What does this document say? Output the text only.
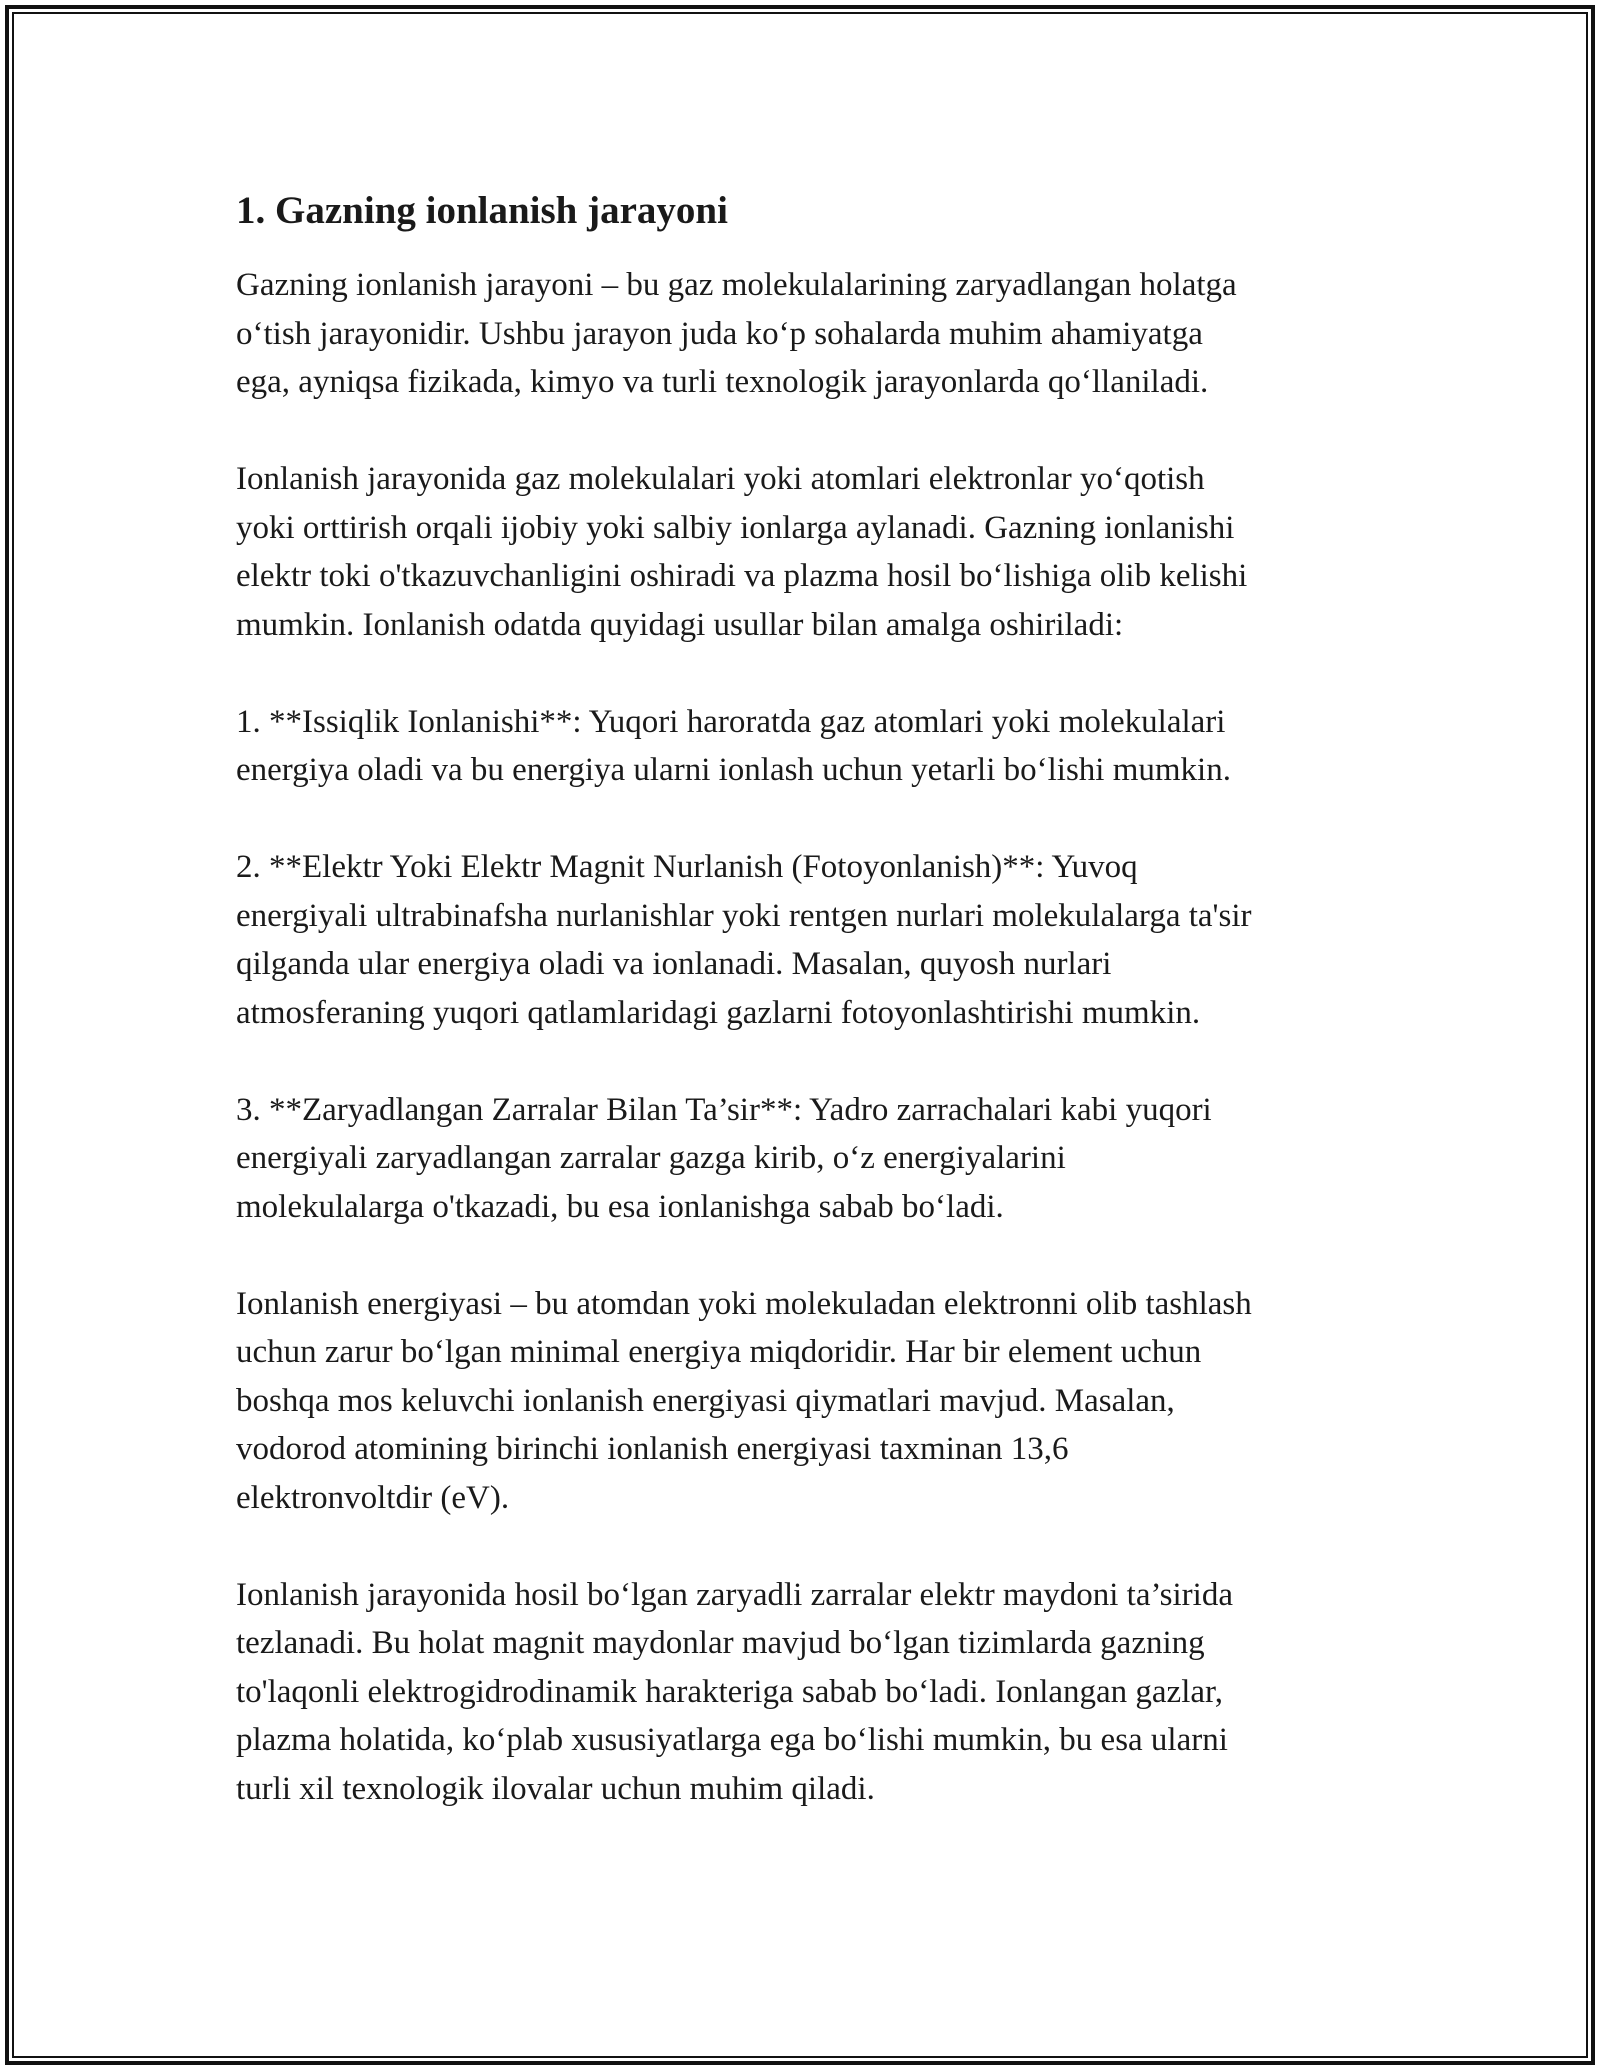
1. Gazning ionlanish jarayoni

Gazning ionlanish jarayoni – bu gaz molekulalarining zaryadlangan holatga
o‘tish jarayonidir. Ushbu jarayon juda ko‘p sohalarda muhim ahamiyatga
ega, ayniqsa fizikada, kimyo va turli texnologik jarayonlarda qo‘llaniladi.

Ionlanish jarayonida gaz molekulalari yoki atomlari elektronlar yo‘qotish
yoki orttirish orqali ijobiy yoki salbiy ionlarga aylanadi. Gazning ionlanishi
elektr toki o'tkazuvchanligini oshiradi va plazma hosil bo‘lishiga olib kelishi
mumkin. Ionlanish odatda quyidagi usullar bilan amalga oshiriladi:

1. **Issiqlik Ionlanishi**: Yuqori haroratda gaz atomlari yoki molekulalari
energiya oladi va bu energiya ularni ionlash uchun yetarli bo‘lishi mumkin.

2. **Elektr Yoki Elektr Magnit Nurlanish (Fotoyonlanish)**: Yuvoq
energiyali ultrabinafsha nurlanishlar yoki rentgen nurlari molekulalarga ta'sir
qilganda ular energiya oladi va ionlanadi. Masalan, quyosh nurlari
atmosferaning yuqori qatlamlaridagi gazlarni fotoyonlashtirishi mumkin.

3. **Zaryadlangan Zarralar Bilan Ta’sir**: Yadro zarrachalari kabi yuqori
energiyali zaryadlangan zarralar gazga kirib, o‘z energiyalarini
molekulalarga o'tkazadi, bu esa ionlanishga sabab bo‘ladi.

Ionlanish energiyasi – bu atomdan yoki molekuladan elektronni olib tashlash
uchun zarur bo‘lgan minimal energiya miqdoridir. Har bir element uchun
boshqa mos keluvchi ionlanish energiyasi qiymatlari mavjud. Masalan,
vodorod atomining birinchi ionlanish energiyasi taxminan 13,6
elektronvoltdir (eV).

Ionlanish jarayonida hosil bo‘lgan zaryadli zarralar elektr maydoni ta’sirida
tezlanadi. Bu holat magnit maydonlar mavjud bo‘lgan tizimlarda gazning
to'laqonli elektrogidrodinamik harakteriga sabab bo‘ladi. Ionlangan gazlar,
plazma holatida, ko‘plab xususiyatlarga ega bo‘lishi mumkin, bu esa ularni
turli xil texnologik ilovalar uchun muhim qiladi.
